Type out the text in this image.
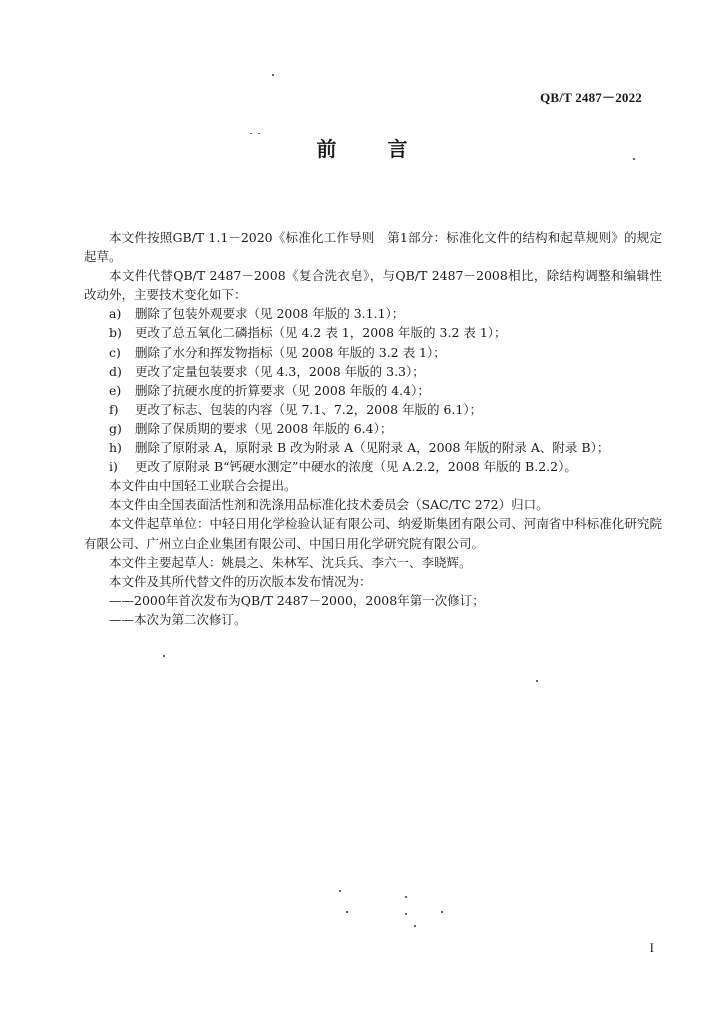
QB/T 2487－2022
前 言

本文件按照GB/T 1.1－2020《标准化工作导则　第1部分：标准化文件的结构和起草规则》的规定起草。

本文件代替QB/T 2487－2008《复合洗衣皂》，与QB/T 2487－2008相比，除结构调整和编辑性改动外，主要技术变化如下：

a) 删除了包装外观要求（见 2008 年版的 3.1.1）；

b) 更改了总五氧化二磷指标（见 4.2 表 1，2008 年版的 3.2 表 1）；

c) 删除了水分和挥发物指标（见 2008 年版的 3.2 表 1）；

d) 更改了定量包装要求（见 4.3，2008 年版的 3.3）；

e) 删除了抗硬水度的折算要求（见 2008 年版的 4.4）；

f) 更改了标志、包装的内容（见 7.1、7.2，2008 年版的 6.1）；

g) 删除了保质期的要求（见 2008 年版的 6.4）；

h) 删除了原附录 A，原附录 B 改为附录 A（见附录 A，2008 年版的附录 A、附录 B）；

i) 更改了原附录 B“钙硬水测定”中硬水的浓度（见 A.2.2，2008 年版的 B.2.2）。

本文件由中国轻工业联合会提出。

本文件由全国表面活性剂和洗涤用品标准化技术委员会（SAC/TC 272）归口。

本文件起草单位：中轻日用化学检验认证有限公司、纳爱斯集团有限公司、河南省中科标准化研究院有限公司、广州立白企业集团有限公司、中国日用化学研究院有限公司。

本文件主要起草人：姚晨之、朱林军、沈兵兵、李六一、李晓辉。

本文件及其所代替文件的历次版本发布情况为：

——2000年首次发布为QB/T 2487－2000，2008年第一次修订；

——本次为第二次修订。

I
